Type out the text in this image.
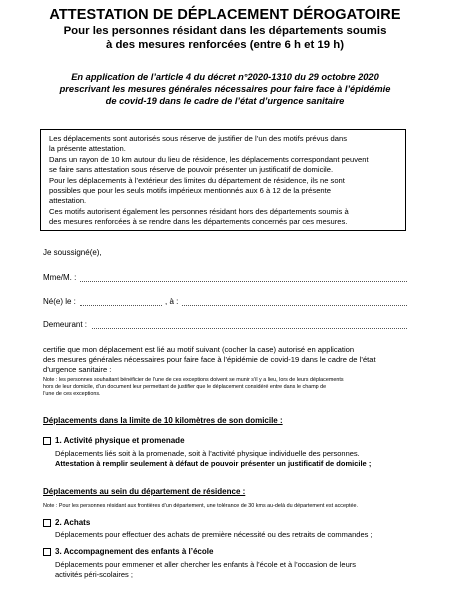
ATTESTATION DE DÉPLACEMENT DÉROGATOIRE
Pour les personnes résidant dans les départements soumis
à des mesures renforcées (entre 6 h et 19 h)
En application de l’article 4 du décret n°2020-1310 du 29 octobre 2020
prescrivant les mesures générales nécessaires pour faire face à l’épidémie
de covid-19 dans le cadre de l’état d’urgence sanitaire
Les déplacements sont autorisés sous réserve de justifier de l’un des motifs prévus dans
la présente attestation.
Dans un rayon de 10 km autour du lieu de résidence, les déplacements correspondant peuvent
se faire sans attestation sous réserve de pouvoir présenter un justificatif de domicile.
Pour les déplacements à l’extérieur des limites du département de résidence, ils ne sont
possibles que pour les seuls motifs impérieux mentionnés aux 6 à 12 de la présente
attestation.
Ces motifs autorisent également les personnes résidant hors des départements soumis à
des mesures renforcées à se rendre dans les départements concernés par ces mesures.
Je soussigné(e),
Mme/M. :
Né(e) le :	, à :
Demeurant :
certifie que mon déplacement est lié au motif suivant (cocher la case) autorisé en application
des mesures générales nécessaires pour faire face à l’épidémie de covid-19 dans le cadre de l’état
d’urgence sanitaire :
Note : les personnes souhaitant bénéficier de l’une de ces exceptions doivent se munir s’il y a lieu, lors de leurs déplacements
hors de leur domicile, d’un document leur permettant de justifier que le déplacement considéré entre dans le champ de
l’une de ces exceptions.
Déplacements dans la limite de 10 kilomètres de son domicile :
1. Activité physique et promenade
Déplacements liés soit à la promenade, soit à l’activité physique individuelle des personnes.
Attestation à remplir seulement à défaut de pouvoir présenter un justificatif de domicile ;
Déplacements au sein du département de résidence :
Note : Pour les personnes résidant aux frontières d’un département, une tolérance de 30 kms au-delà du département est acceptée.
2. Achats
Déplacements pour effectuer des achats de première nécessité ou des retraits de commandes ;
3. Accompagnement des enfants à l’école
Déplacements pour emmener et aller chercher les enfants à l’école et à l’occasion de leurs
activités péri-scolaires ;
